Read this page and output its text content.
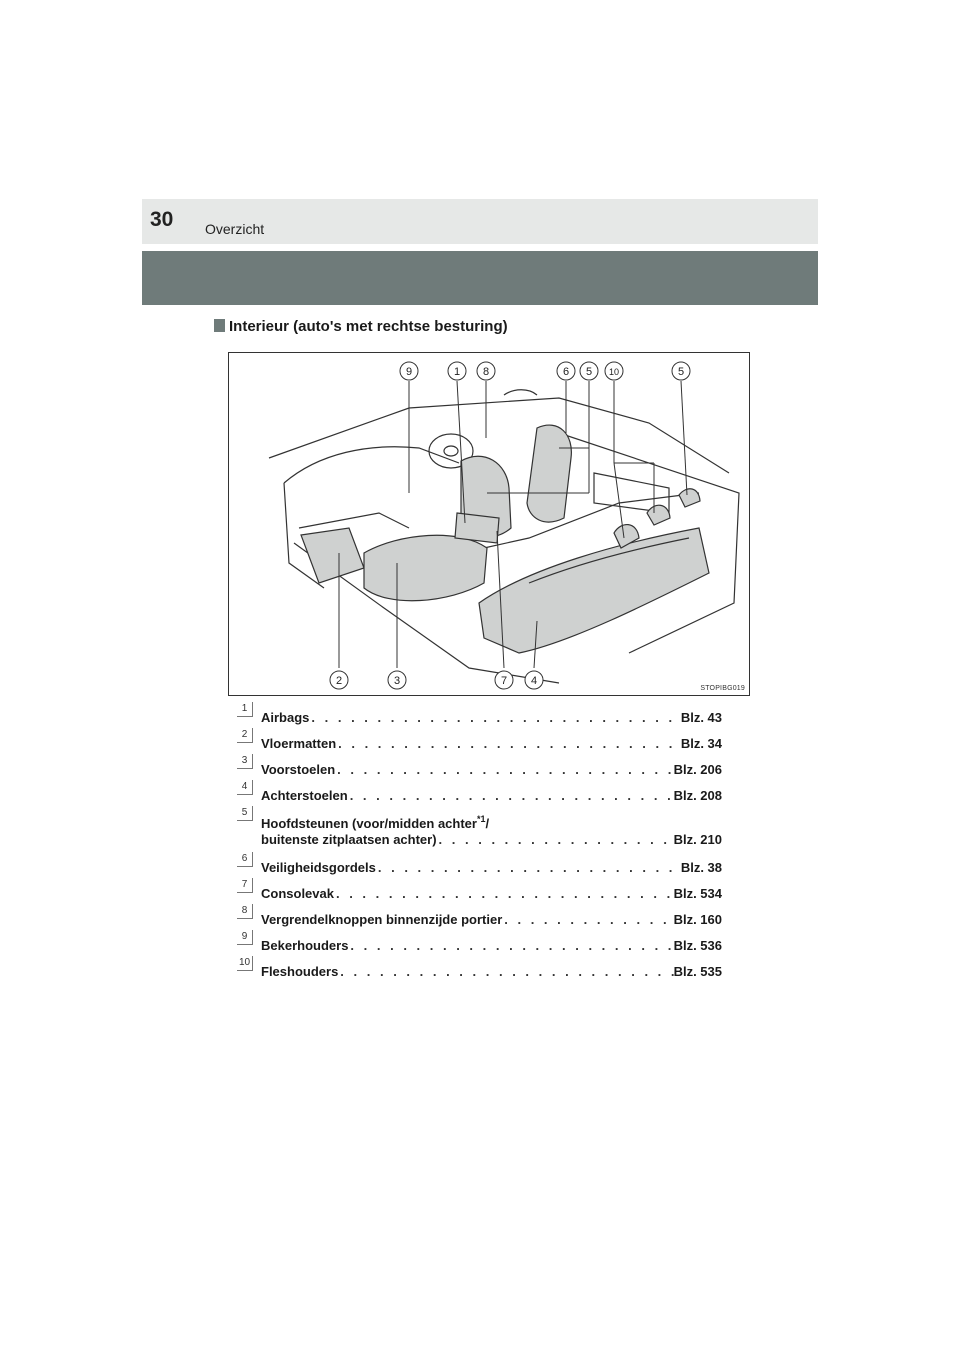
30 Overzicht
Interieur (auto's met rechtse besturing)
9	1 8	6 5 10	5
2	3	7 4
STOPIBG019
1
Airbags . . .	Blz. 43
2
Vloermatten . . .	Blz. 34
3
Voorstoelen . . .	Blz. 206
4
Achterstoelen . . .	Blz. 208
5
Hoofdsteunen (voor/midden achter$^{*1}$/
buitenste zitplaatsen achter) . . .	Blz. 210
6
Veiligheidsgordels . . .	Blz. 38
7
Consolevak . . .	Blz. 534
8
Vergrendelknoppen binnenzijde portier . . .	Blz. 160
9
Bekerhouders . . .	Blz. 536
10
Fleshouders . . .	Blz. 535
